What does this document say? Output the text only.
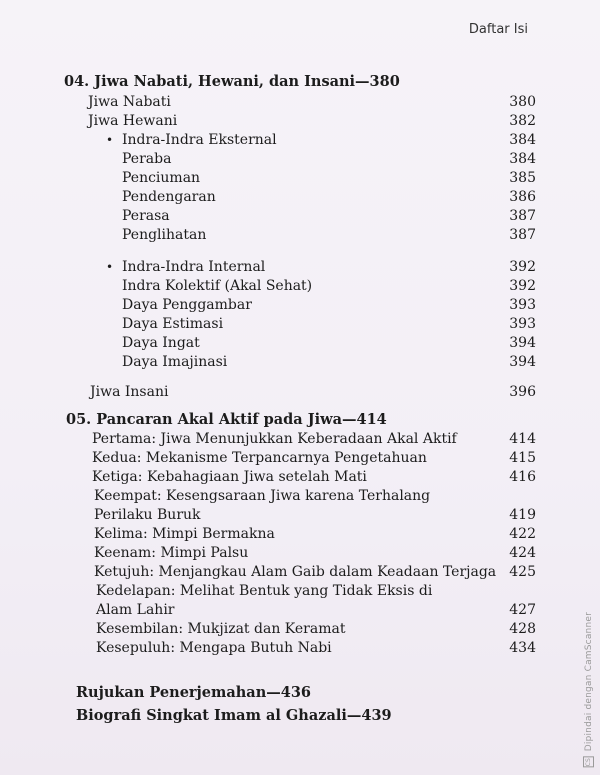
Daftar Isi
04. Jiwa Nabati, Hewani, dan Insani—380
Jiwa Nabati	380
Jiwa Hewani	382
• Indra-Indra Eksternal	384
Peraba	384
Penciuman	385
Pendengaran	386
Perasa	387
Penglihatan	387
• Indra-Indra Internal	392
Indra Kolektif (Akal Sehat)	392
Daya Penggambar	393
Daya Estimasi	393
Daya Ingat	394
Daya Imajinasi	394
Jiwa Insani	396
05. Pancaran Akal Aktif pada Jiwa—414
Pertama: Jiwa Menunjukkan Keberadaan Akal Aktif	414
Kedua: Mekanisme Terpancarnya Pengetahuan	415
Ketiga: Kebahagiaan Jiwa setelah Mati	416
Keempat: Kesengsaraan Jiwa karena Terhalang
Perilaku Buruk	419
Kelima: Mimpi Bermakna	422
Keenam: Mimpi Palsu	424
Ketujuh: Menjangkau Alam Gaib dalam Keadaan Terjaga 425
Kedelapan: Melihat Bentuk yang Tidak Eksis di
Alam Lahir	427
Kesembilan: Mukjizat dan Keramat	428
Kesepuluh: Mengapa Butuh Nabi	434
Rujukan Penerjemahan—436
Biografi Singkat Imam al Ghazali—439
CS Dipindai dengan CamScanner
